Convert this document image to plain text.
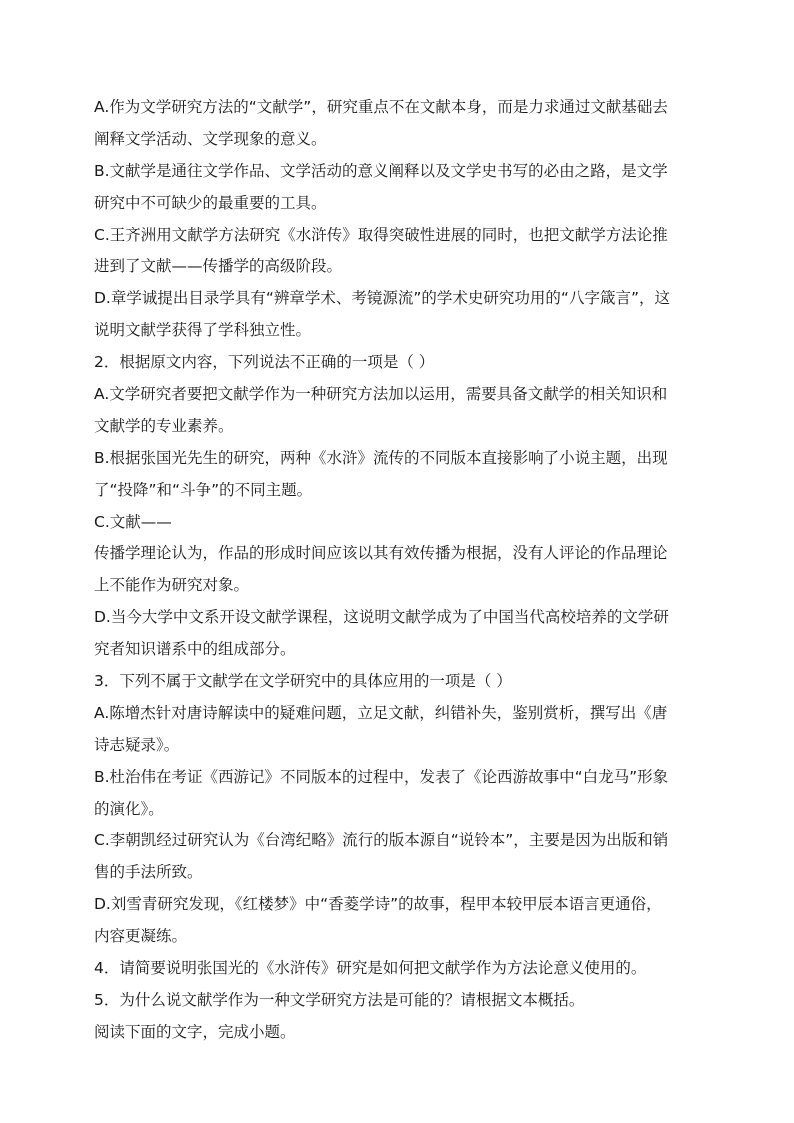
A.作为文学研究方法的“文献学”，研究重点不在文献本身，而是力求通过文献基础去
阐释文学活动、文学现象的意义。
B.文献学是通往文学作品、文学活动的意义阐释以及文学史书写的必由之路，是文学
研究中不可缺少的最重要的工具。
C.王齐洲用文献学方法研究《水浒传》取得突破性进展的同时，也把文献学方法论推
进到了文献——传播学的高级阶段。
D.章学诚提出目录学具有“辨章学术、考镜源流”的学术史研究功用的“八字箴言”，这
说明文献学获得了学科独立性。
2．根据原文内容，下列说法不正确的一项是（ ）
A.文学研究者要把文献学作为一种研究方法加以运用，需要具备文献学的相关知识和
文献学的专业素养。
B.根据张国光先生的研究，两种《水浒》流传的不同版本直接影响了小说主题，出现
了“投降”和“斗争”的不同主题。
C.文献——
传播学理论认为，作品的形成时间应该以其有效传播为根据，没有人评论的作品理论
上不能作为研究对象。
D.当今大学中文系开设文献学课程，这说明文献学成为了中国当代高校培养的文学研
究者知识谱系中的组成部分。
3．下列不属于文献学在文学研究中的具体应用的一项是（ ）
A.陈增杰针对唐诗解读中的疑难问题，立足文献，纠错补失，鉴别赏析，撰写出《唐
诗志疑录》。
B.杜治伟在考证《西游记》不同版本的过程中，发表了《论西游故事中“白龙马”形象
的演化》。
C.李朝凯经过研究认为《台湾纪略》流行的版本源自“说铃本”，主要是因为出版和销
售的手法所致。
D.刘雪青研究发现，《红楼梦》中“香菱学诗”的故事，程甲本较甲辰本语言更通俗，
内容更凝练。
4．请简要说明张国光的《水浒传》研究是如何把文献学作为方法论意义使用的。
5．为什么说文献学作为一种文学研究方法是可能的？请根据文本概括。
阅读下面的文字，完成小题。
